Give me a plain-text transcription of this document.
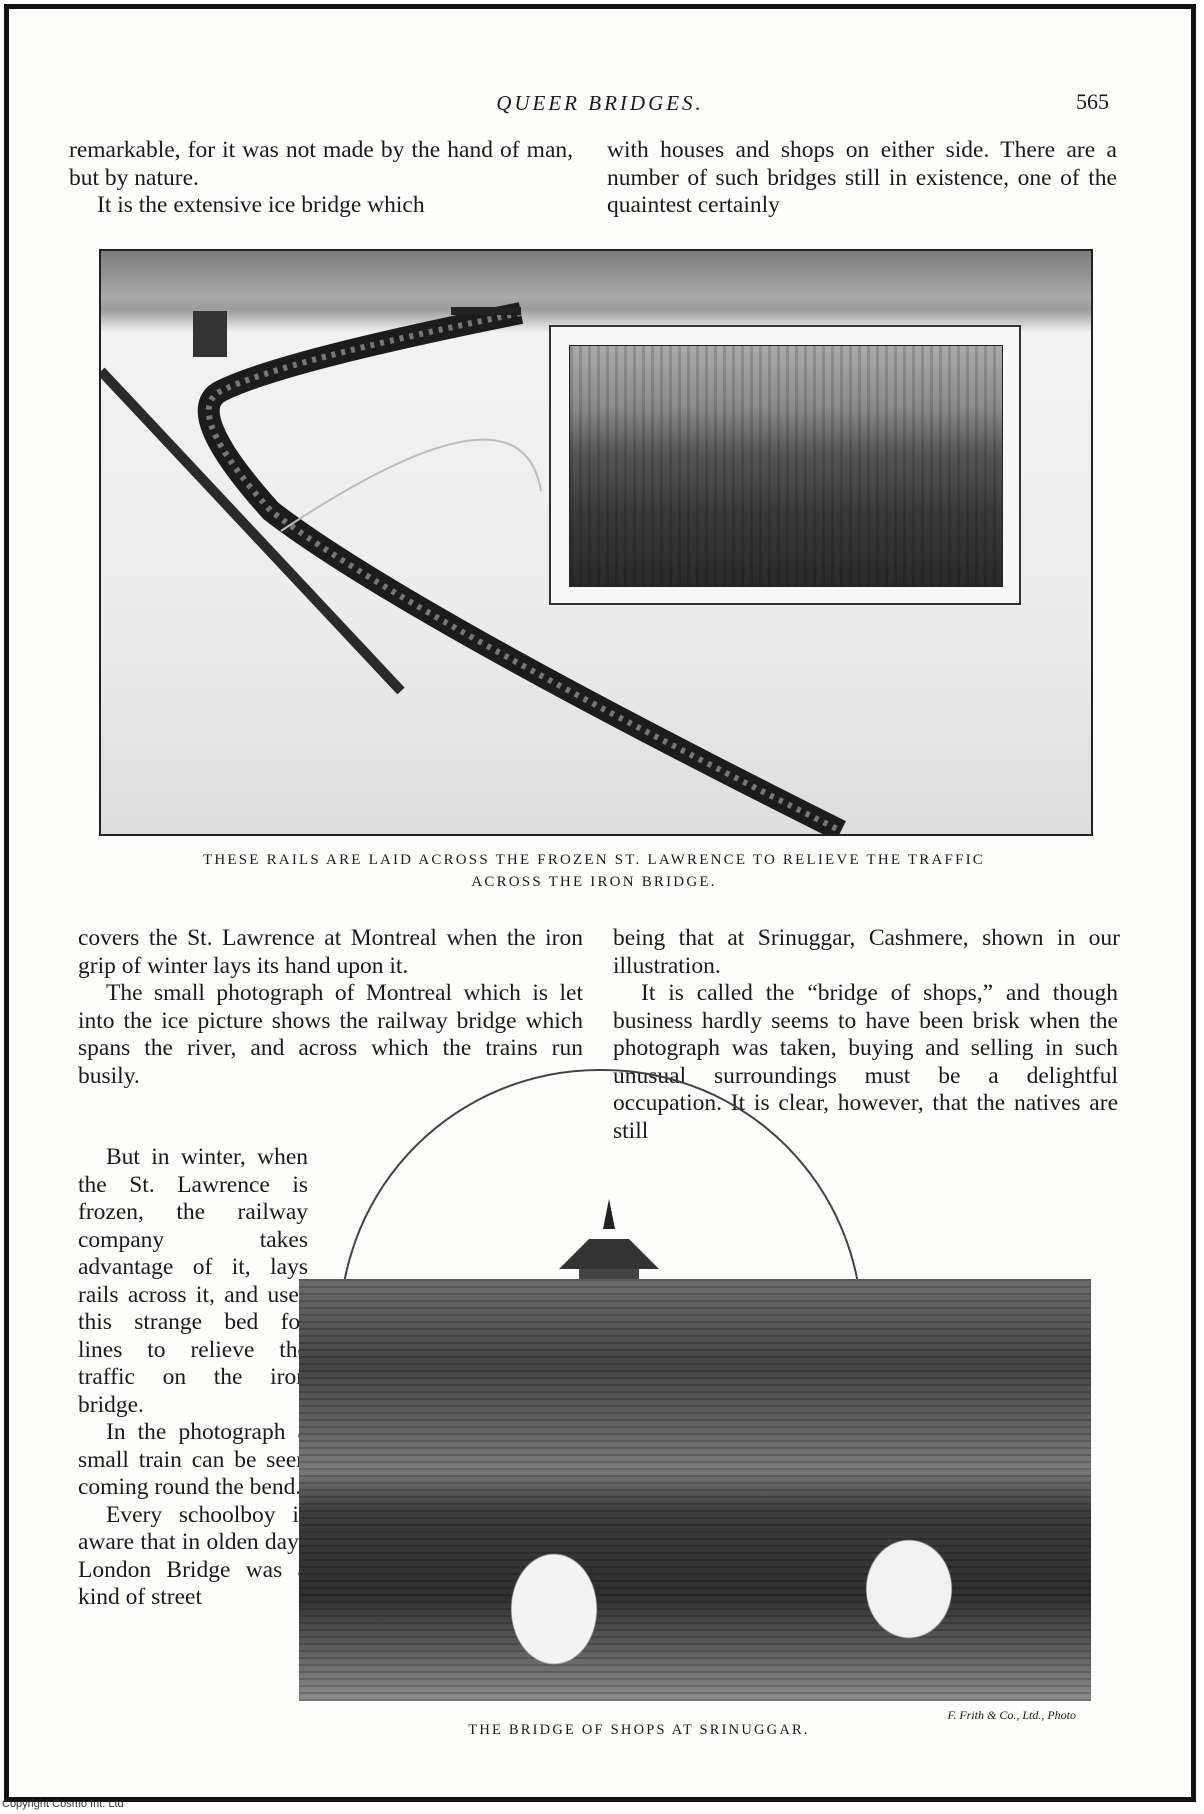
QUEER BRIDGES.	565

remarkable, for it was not made by the hand of man, but by nature.

It is the extensive ice bridge which

with houses and shops on either side. There are a number of such bridges still in existence, one of the quaintest certainly

THESE RAILS ARE LAID ACROSS THE FROZEN ST. LAWRENCE TO RELIEVE THE TRAFFIC
ACROSS THE IRON BRIDGE.

covers the St. Lawrence at Montreal when the iron grip of winter lays its hand upon it.

The small photograph of Montreal which is let into the ice picture shows the railway bridge which spans the river, and across which the trains run busily.

But in winter, when the St. Lawrence is frozen, the railway company takes advantage of it, lays rails across it, and uses this strange bed for lines to relieve the traffic on the iron bridge.

In the photograph a small train can be seen coming round the bend.

Every schoolboy is aware that in olden days London Bridge was a kind of street

being that at Srinuggar, Cashmere, shown in our illustration.

It is called the “bridge of shops,” and though business hardly seems to have been brisk when the photograph was taken, buying and selling in such unusual surroundings must be a delightful occupation. It is clear, however, that the natives are still

F. Frith & Co., Ltd., Photo
THE BRIDGE OF SHOPS AT SRINUGGAR.
Copyright Cosmo Int. Ltd
